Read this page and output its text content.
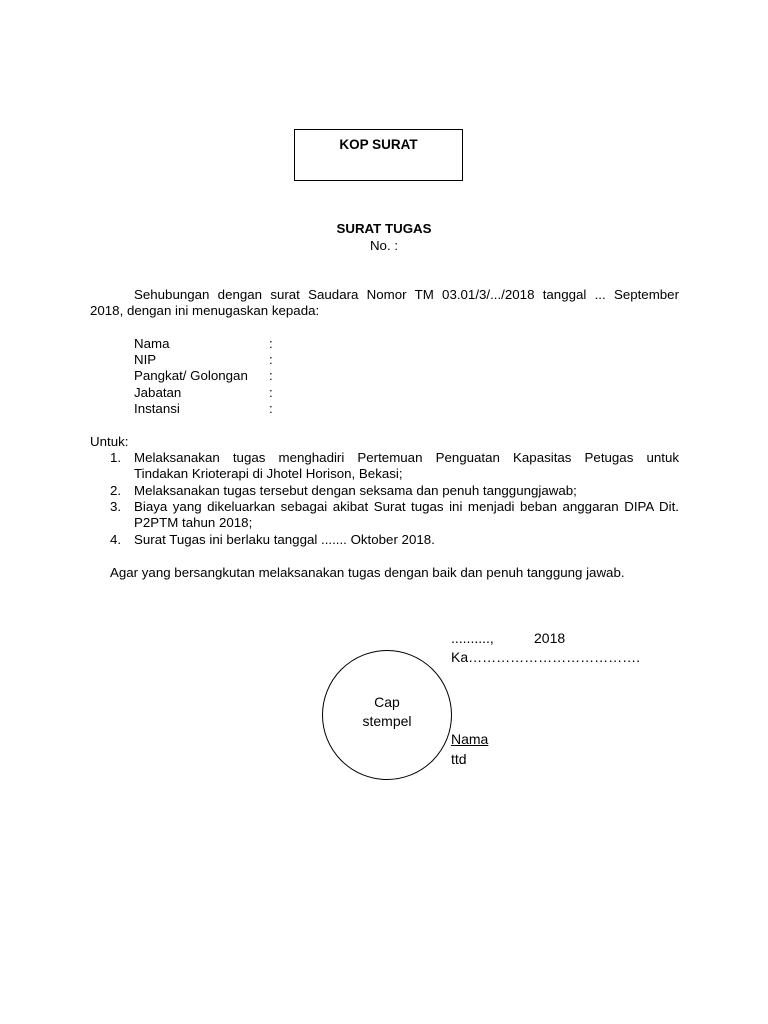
KOP SURAT
SURAT TUGAS
No. :
Sehubungan dengan surat Saudara Nomor TM 03.01/3/.../2018 tanggal ... September
2018, dengan ini menugaskan kepada:
Nama	:
NIP	:
Pangkat/ Golongan :
Jabatan	:
Instansi	:
Untuk:
1. Melaksanakan tugas menghadiri Pertemuan Penguatan Kapasitas Petugas untuk
Tindakan Krioterapi di Jhotel Horison, Bekasi;
2. Melaksanakan tugas tersebut dengan seksama dan penuh tanggungjawab;
3. Biaya yang dikeluarkan sebagai akibat Surat tugas ini menjadi beban anggaran DIPA Dit.
P2PTM tahun 2018;
4. Surat Tugas ini berlaku tanggal ....... Oktober 2018.
Agar yang bersangkutan melaksanakan tugas dengan baik dan penuh tanggung jawab.
..........,	2018
Ka……………………………….
Cap
stempel
Nama
ttd
